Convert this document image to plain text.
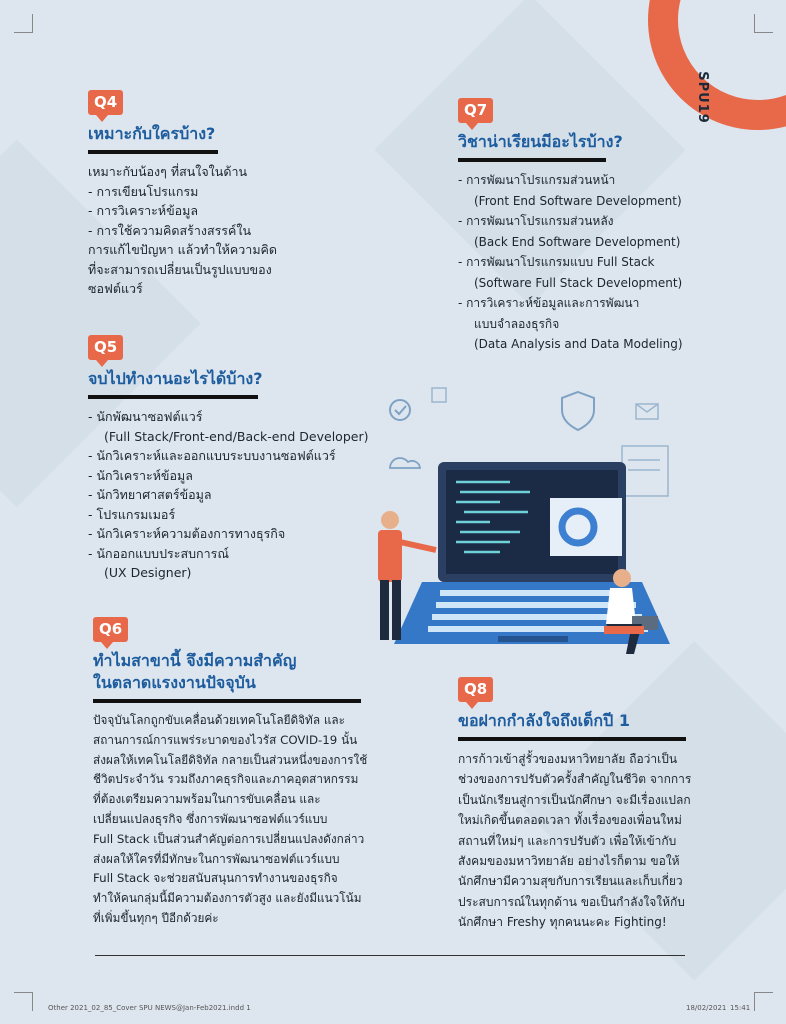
SPU19
Q4
เหมาะกับใครบ้าง?
เหมาะกับน้องๆ ที่สนใจในด้าน
- การเขียนโปรแกรม
- การวิเคราะห์ข้อมูล
- การใช้ความคิดสร้างสรรค์ใน
การแก้ไขปัญหา แล้วทำให้ความคิด
ที่จะสามารถเปลี่ยนเป็นรูปแบบของ
ซอฟต์แวร์
Q5
จบไปทำงานอะไรได้บ้าง?
- นักพัฒนาซอฟต์แวร์
(Full Stack/Front-end/Back-end Developer)
- นักวิเคราะห์และออกแบบระบบงานซอฟต์แวร์
- นักวิเคราะห์ข้อมูล
- นักวิทยาศาสตร์ข้อมูล
- โปรแกรมเมอร์
- นักวิเคราะห์ความต้องการทางธุรกิจ
- นักออกแบบประสบการณ์
(UX Designer)
Q6
ทำไมสาขานี้ จึงมีความสำคัญ
ในตลาดแรงงานปัจจุบัน
ปัจจุบันโลกถูกขับเคลื่อนด้วยเทคโนโลยีดิจิทัล และ
สถานการณ์การแพร่ระบาดของไวรัส COVID-19 นั้น
ส่งผลให้เทคโนโลยีดิจิทัล กลายเป็นส่วนหนึ่งของการใช้
ชีวิตประจำวัน รวมถึงภาคธุรกิจและภาคอุตสาหกรรม
ที่ต้องเตรียมความพร้อมในการขับเคลื่อน และ
เปลี่ยนแปลงธุรกิจ ซึ่งการพัฒนาซอฟต์แวร์แบบ
Full Stack เป็นส่วนสำคัญต่อการเปลี่ยนแปลงดังกล่าว
ส่งผลให้ใครที่มีทักษะในการพัฒนาซอฟต์แวร์แบบ
Full Stack จะช่วยสนับสนุนการทำงานของธุรกิจ
ทำให้คนกลุ่มนี้มีความต้องการตัวสูง และยังมีแนวโน้ม
ที่เพิ่มขึ้นทุกๆ ปีอีกด้วยค่ะ
Q7
วิชาน่าเรียนมีอะไรบ้าง?
- การพัฒนาโปรแกรมส่วนหน้า
(Front End Software Development)
- การพัฒนาโปรแกรมส่วนหลัง
(Back End Software Development)
- การพัฒนาโปรแกรมแบบ Full Stack
(Software Full Stack Development)
- การวิเคราะห์ข้อมูลและการพัฒนา
แบบจำลองธุรกิจ
(Data Analysis and Data Modeling)
Q8
ขอฝากกำลังใจถึงเด็กปี 1
การก้าวเข้าสู่รั้วของมหาวิทยาลัย ถือว่าเป็น
ช่วงของการปรับตัวครั้งสำคัญในชีวิต จากการ
เป็นนักเรียนสู่การเป็นนักศึกษา จะมีเรื่องแปลก
ใหม่เกิดขึ้นตลอดเวลา ทั้งเรื่องของเพื่อนใหม่
สถานที่ใหม่ๆ และการปรับตัว เพื่อให้เข้ากับ
สังคมของมหาวิทยาลัย อย่างไรก็ตาม ขอให้
นักศึกษามีความสุขกับการเรียนและเก็บเกี่ยว
ประสบการณ์ในทุกด้าน ขอเป็นกำลังใจให้กับ
นักศึกษา Freshy ทุกคนนะคะ Fighting!
Other 2021_02_85_Cover SPU NEWS@Jan-Feb2021.indd 1	18/02/2021 15:41
